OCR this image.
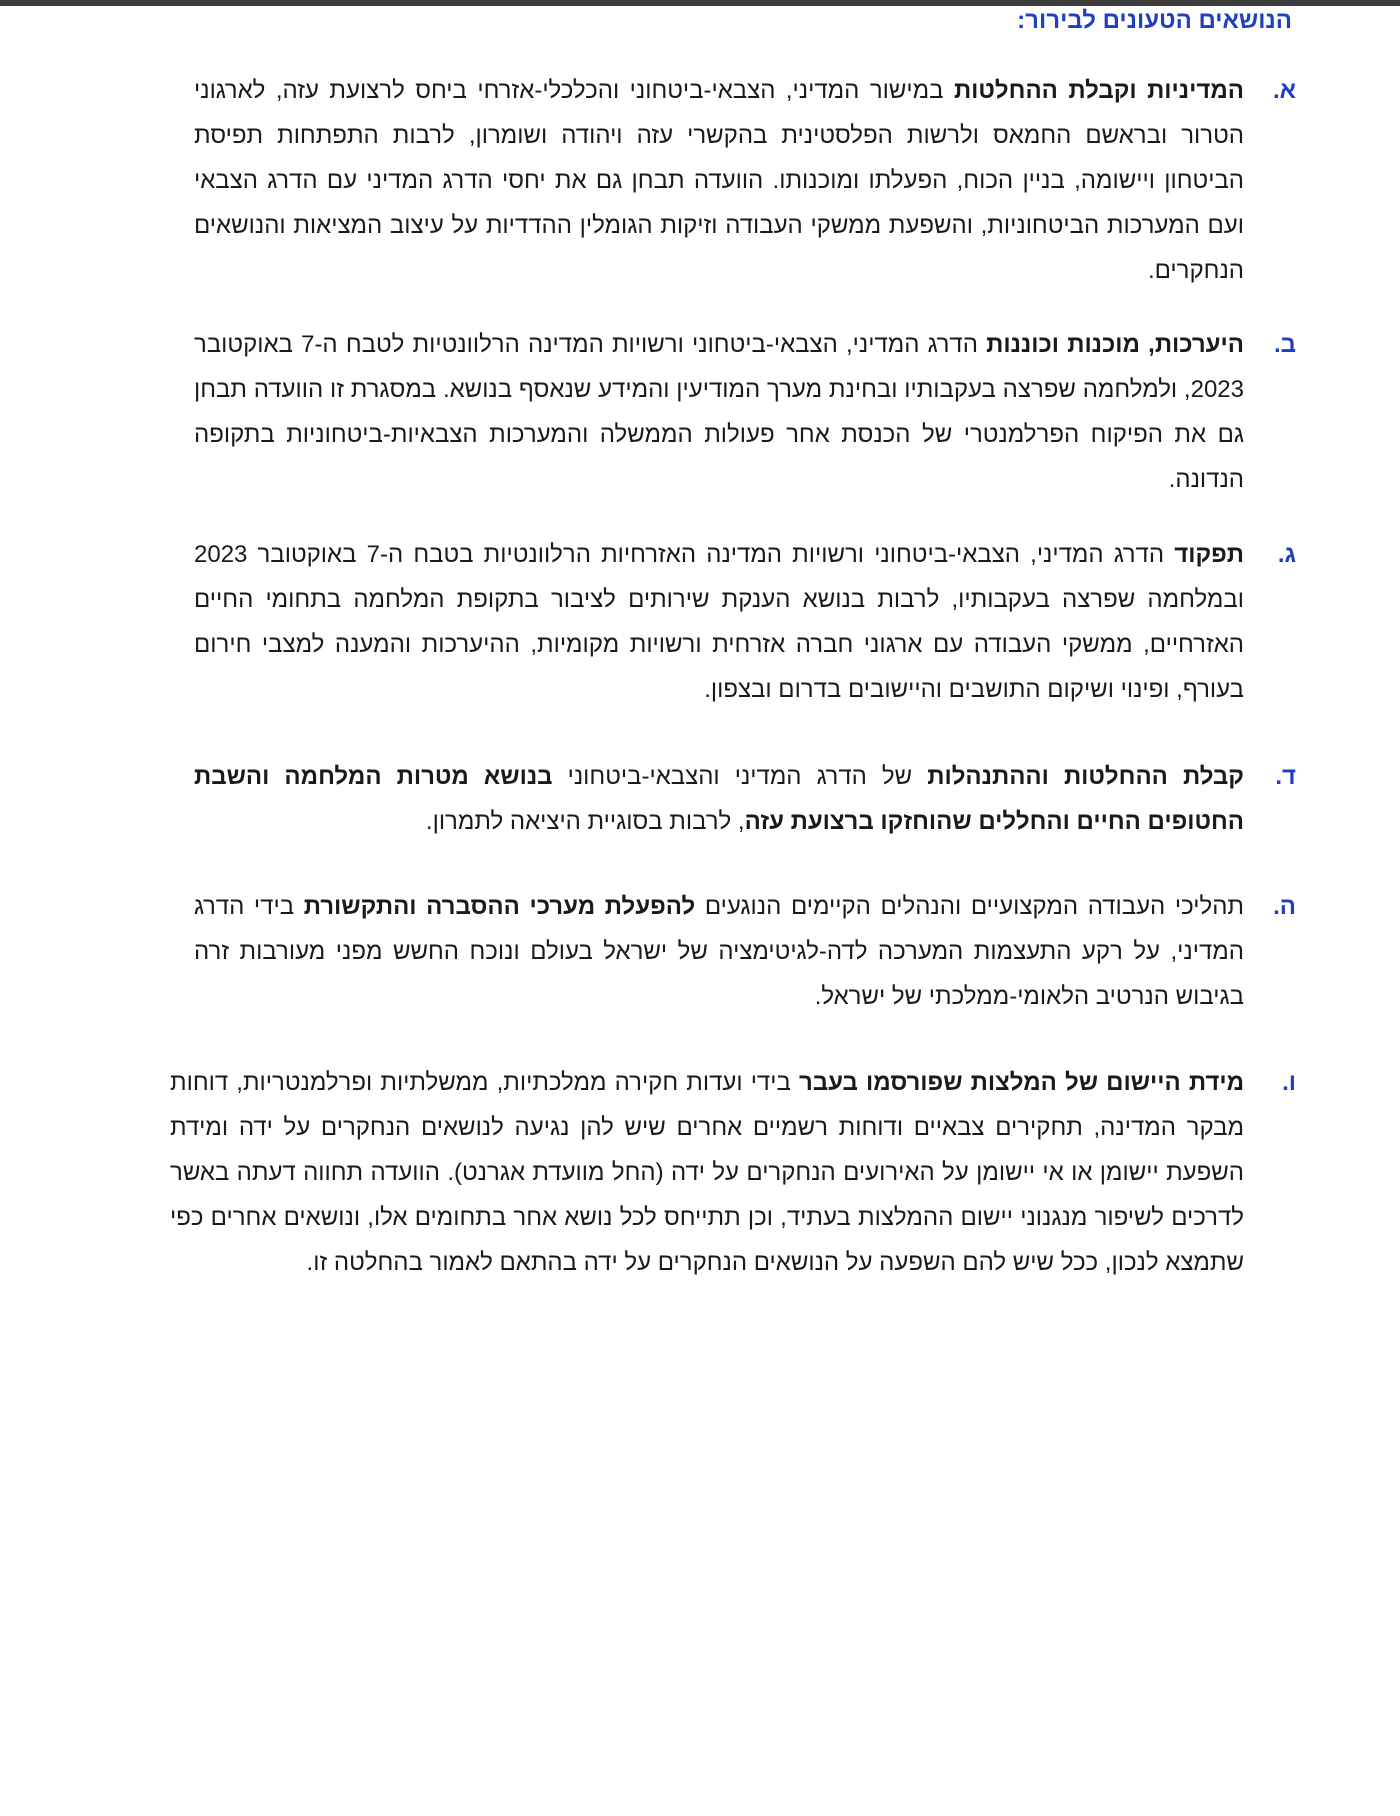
הנושאים הטעונים לבירור:
א.
המדיניות וקבלת ההחלטות במישור המדיני, הצבאי-ביטחוני והכלכלי-אזרחי ביחס לרצועת עזה, לארגוני הטרור ובראשם החמאס ולרשות הפלסטינית בהקשרי עזה ויהודה ושומרון, לרבות התפתחות תפיסת הביטחון ויישומה, בניין הכוח, הפעלתו ומוכנותו. הוועדה תבחן גם את יחסי הדרג המדיני עם הדרג הצבאי ועם המערכות הביטחוניות, והשפעת ממשקי העבודה וזיקות הגומלין ההדדיות על עיצוב המציאות והנושאים הנחקרים.
ב.
היערכות, מוכנות וכוננות הדרג המדיני, הצבאי-ביטחוני ורשויות המדינה הרלוונטיות לטבח ה-7 באוקטובר 2023, ולמלחמה שפרצה בעקבותיו ובחינת מערך המודיעין והמידע שנאסף בנושא. במסגרת זו הוועדה תבחן גם את הפיקוח הפרלמנטרי של הכנסת אחר פעולות הממשלה והמערכות הצבאיות-ביטחוניות בתקופה הנדונה.
ג.
תפקוד הדרג המדיני, הצבאי-ביטחוני ורשויות המדינה האזרחיות הרלוונטיות בטבח ה-7 באוקטובר 2023 ובמלחמה שפרצה בעקבותיו, לרבות בנושא הענקת שירותים לציבור בתקופת המלחמה בתחומי החיים האזרחיים, ממשקי העבודה עם ארגוני חברה אזרחית ורשויות מקומיות, ההיערכות והמענה למצבי חירום בעורף, ופינוי ושיקום התושבים והיישובים בדרום ובצפון.
ד.
קבלת ההחלטות וההתנהלות של הדרג המדיני והצבאי-ביטחוני בנושא מטרות המלחמה והשבת החטופים החיים והחללים שהוחזקו ברצועת עזה, לרבות בסוגיית היציאה לתמרון.
ה.
תהליכי העבודה המקצועיים והנהלים הקיימים הנוגעים להפעלת מערכי ההסברה והתקשורת בידי הדרג המדיני, על רקע התעצמות המערכה לדה-לגיטימציה של ישראל בעולם ונוכח החשש מפני מעורבות זרה בגיבוש הנרטיב הלאומי-ממלכתי של ישראל.
ו.
מידת היישום של המלצות שפורסמו בעבר בידי ועדות חקירה ממלכתיות, ממשלתיות ופרלמנטריות, דוחות מבקר המדינה, תחקירים צבאיים ודוחות רשמיים אחרים שיש להן נגיעה לנושאים הנחקרים על ידה ומידת השפעת יישומן או אי יישומן על האירועים הנחקרים על ידה (החל מוועדת אגרנט). הוועדה תחווה דעתה באשר לדרכים לשיפור מנגנוני יישום ההמלצות בעתיד, וכן תתייחס לכל נושא אחר בתחומים אלו, ונושאים אחרים כפי שתמצא לנכון, ככל שיש להם השפעה על הנושאים הנחקרים על ידה בהתאם לאמור בהחלטה זו.
